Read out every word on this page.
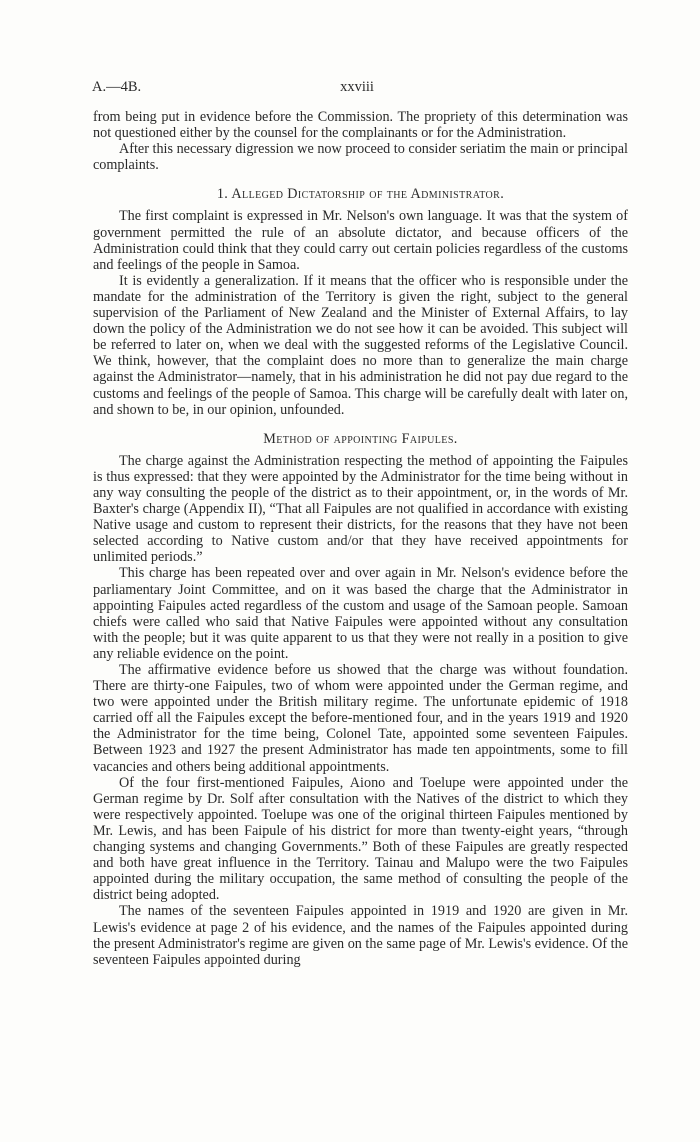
A.—4B.	xxviii

from being put in evidence before the Commission. The propriety of this determination was not questioned either by the counsel for the complainants or for the Administration.

After this necessary digression we now proceed to consider seriatim the main or principal complaints.

1. Alleged Dictatorship of the Administrator.

The first complaint is expressed in Mr. Nelson's own language. It was that the system of government permitted the rule of an absolute dictator, and because officers of the Administration could think that they could carry out certain policies regardless of the customs and feelings of the people in Samoa.

It is evidently a generalization. If it means that the officer who is responsible under the mandate for the administration of the Territory is given the right, subject to the general supervision of the Parliament of New Zealand and the Minister of External Affairs, to lay down the policy of the Administration we do not see how it can be avoided. This subject will be referred to later on, when we deal with the suggested reforms of the Legislative Council. We think, however, that the complaint does no more than to generalize the main charge against the Administrator—namely, that in his administration he did not pay due regard to the customs and feelings of the people of Samoa. This charge will be carefully dealt with later on, and shown to be, in our opinion, unfounded.

Method of appointing Faipules.

The charge against the Administration respecting the method of appointing the Faipules is thus expressed: that they were appointed by the Administrator for the time being without in any way consulting the people of the district as to their appointment, or, in the words of Mr. Baxter's charge (Appendix II), “That all Faipules are not qualified in accordance with existing Native usage and custom to represent their districts, for the reasons that they have not been selected according to Native custom and/or that they have received appointments for unlimited periods.”

This charge has been repeated over and over again in Mr. Nelson's evidence before the parliamentary Joint Committee, and on it was based the charge that the Administrator in appointing Faipules acted regardless of the custom and usage of the Samoan people. Samoan chiefs were called who said that Native Faipules were appointed without any consultation with the people; but it was quite apparent to us that they were not really in a position to give any reliable evidence on the point.

The affirmative evidence before us showed that the charge was without foundation. There are thirty-one Faipules, two of whom were appointed under the German regime, and two were appointed under the British military regime. The unfortunate epidemic of 1918 carried off all the Faipules except the before-mentioned four, and in the years 1919 and 1920 the Administrator for the time being, Colonel Tate, appointed some seventeen Faipules. Between 1923 and 1927 the present Administrator has made ten appointments, some to fill vacancies and others being additional appointments.

Of the four first-mentioned Faipules, Aiono and Toelupe were appointed under the German regime by Dr. Solf after consultation with the Natives of the district to which they were respectively appointed. Toelupe was one of the original thirteen Faipules mentioned by Mr. Lewis, and has been Faipule of his district for more than twenty-eight years, “through changing systems and changing Governments.” Both of these Faipules are greatly respected and both have great influence in the Territory. Tainau and Malupo were the two Faipules appointed during the military occupation, the same method of consulting the people of the district being adopted.

The names of the seventeen Faipules appointed in 1919 and 1920 are given in Mr. Lewis's evidence at page 2 of his evidence, and the names of the Faipules appointed during the present Administrator's regime are given on the same page of Mr. Lewis's evidence. Of the seventeen Faipules appointed during
